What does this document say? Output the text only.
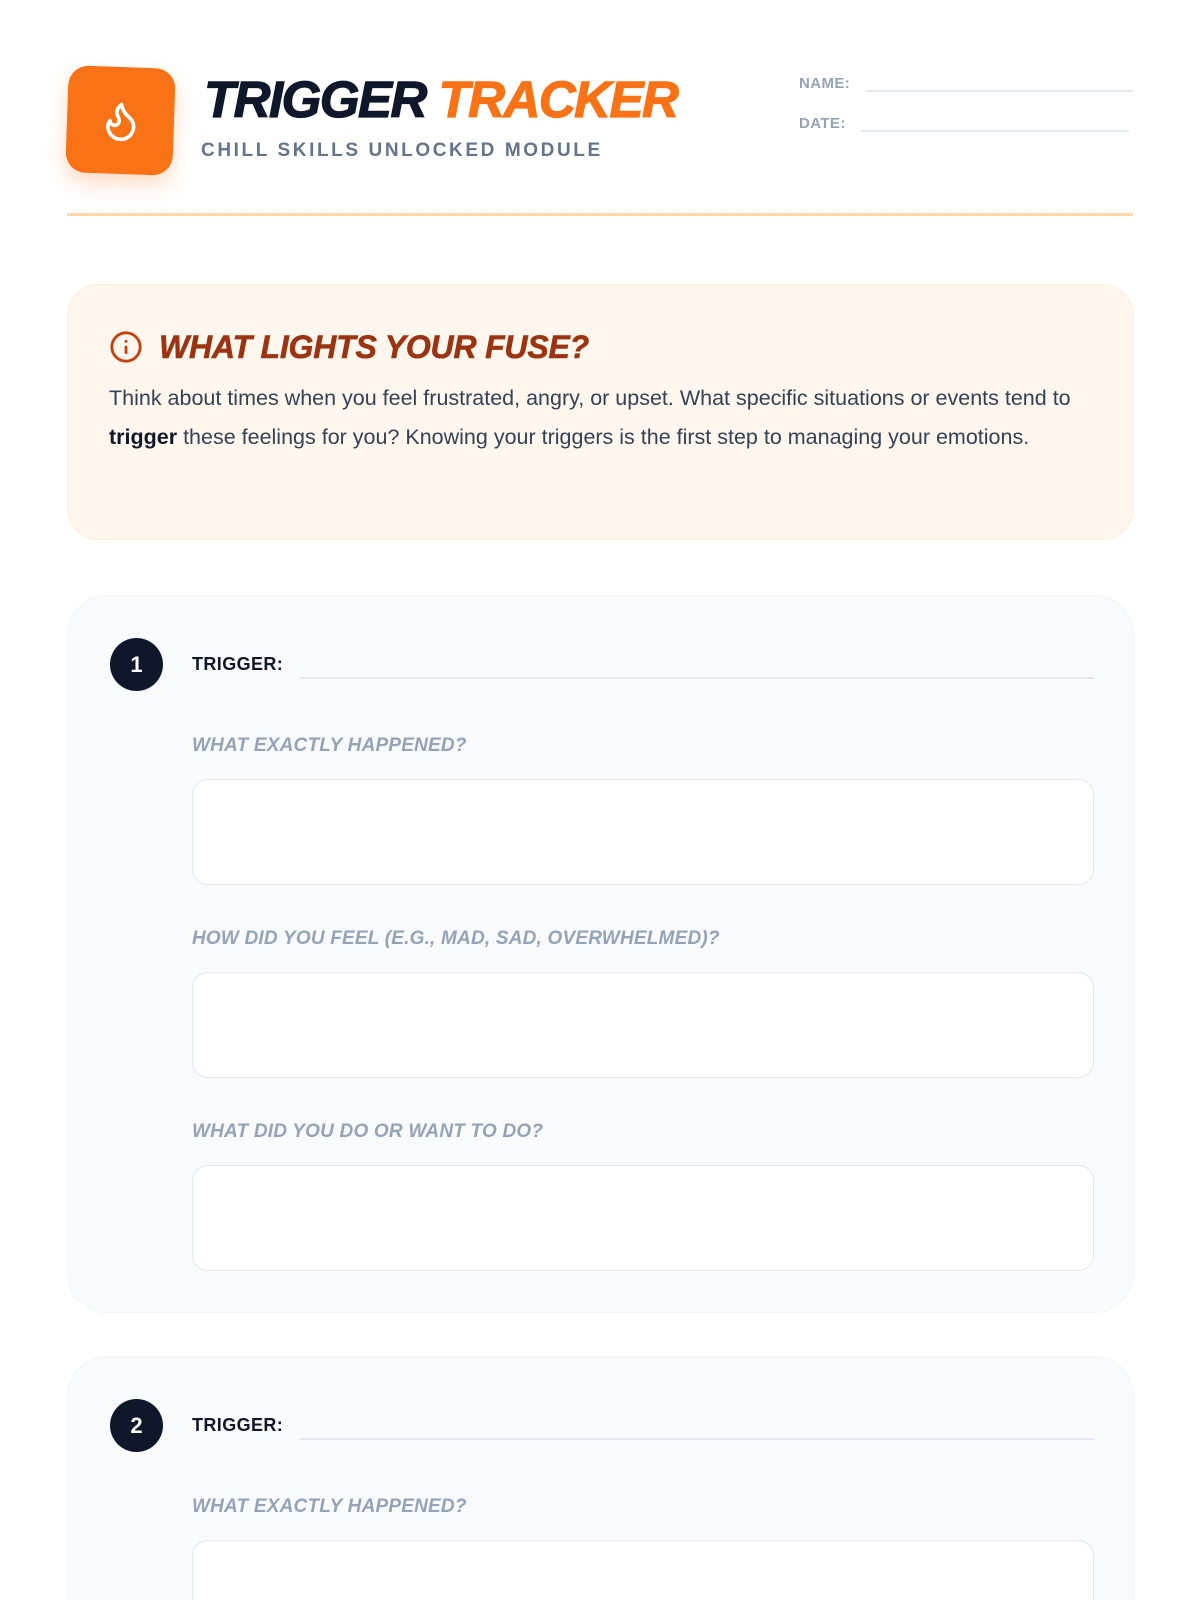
TRIGGER TRACKER
CHILL SKILLS UNLOCKED MODULE
NAME:
DATE:
WHAT LIGHTS YOUR FUSE?

Think about times when you feel frustrated, angry, or upset. What specific situations or events tend to trigger these feelings for you? Knowing your triggers is the first step to managing your emotions.

1	TRIGGER:
WHAT EXACTLY HAPPENED?
HOW DID YOU FEEL (E.G., MAD, SAD, OVERWHELMED)?
WHAT DID YOU DO OR WANT TO DO?
2	TRIGGER:
WHAT EXACTLY HAPPENED?
